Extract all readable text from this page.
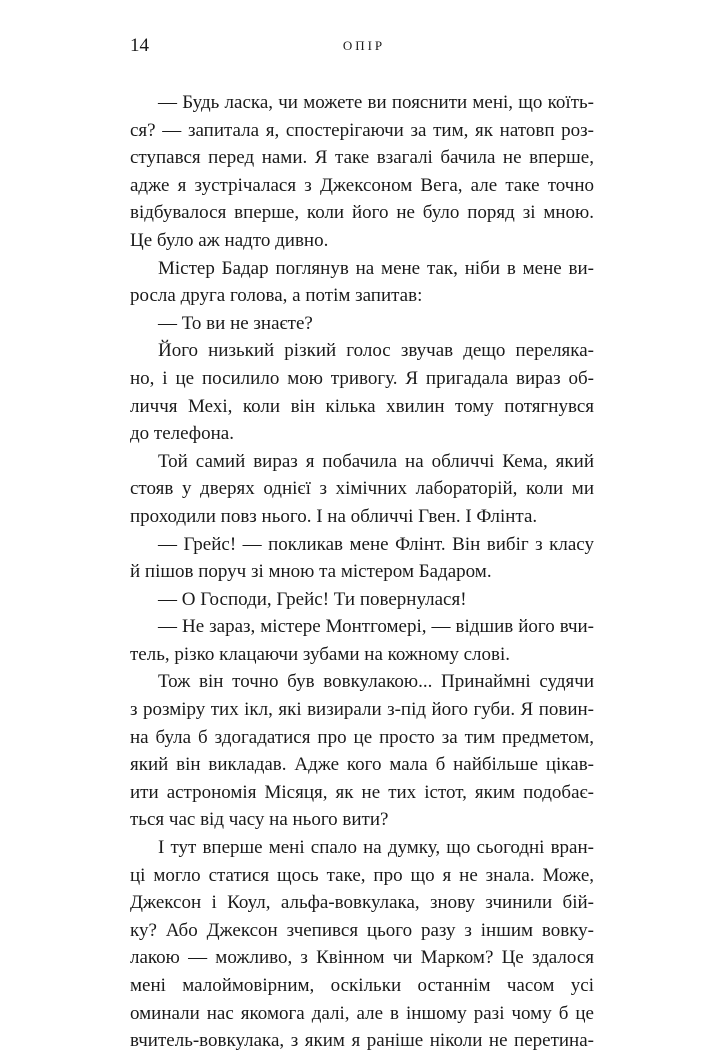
14	ОПІР
— Будь ласка, чи можете ви пояснити мені, що коїть-
ся? — запитала я, спостерігаючи за тим, як натовп роз-
ступався перед нами. Я таке взагалі бачила не вперше,
адже я зустрічалася з Джексоном Вега, але таке точно
відбувалося вперше, коли його не було поряд зі мною.
Це було аж надто дивно.
Містер Бадар поглянув на мене так, ніби в мене ви-
росла друга голова, а потім запитав:
— То ви не знаєте?
Його низький різкий голос звучав дещо переляка-
но, і це посилило мою тривогу. Я пригадала вираз об-
личчя Мехі, коли він кілька хвилин тому потягнувся
до телефона.
Той самий вираз я побачила на обличчі Кема, який
стояв у дверях однієї з хімічних лабораторій, коли ми
проходили повз нього. І на обличчі Гвен. І Флінта.
— Грейс! — покликав мене Флінт. Він вибіг з класу
й пішов поруч зі мною та містером Бадаром.
— О Господи, Грейс! Ти повернулася!
— Не зараз, містере Монтгомері, — відшив його вчи-
тель, різко клацаючи зубами на кожному слові.
Тож він точно був вовкулакою... Принаймні судячи
з розміру тих ікл, які визирали з-під його губи. Я повин-
на була б здогадатися про це просто за тим предметом,
який він викладав. Адже кого мала б найбільше цікав-
ити астрономія Місяця, як не тих істот, яким подобає-
ться час від часу на нього вити?
І тут вперше мені спало на думку, що сьогодні вран-
ці могло статися щось таке, про що я не знала. Може,
Джексон і Коул, альфа-вовкулака, знову зчинили бій-
ку? Або Джексон зчепився цього разу з іншим вовку-
лакою — можливо, з Квінном чи Марком? Це здалося
мені малоймовірним, оскільки останнім часом усі
оминали нас якомога далі, але в іншому разі чому б це
вчитель-вовкулака, з яким я раніше ніколи не перетина-
